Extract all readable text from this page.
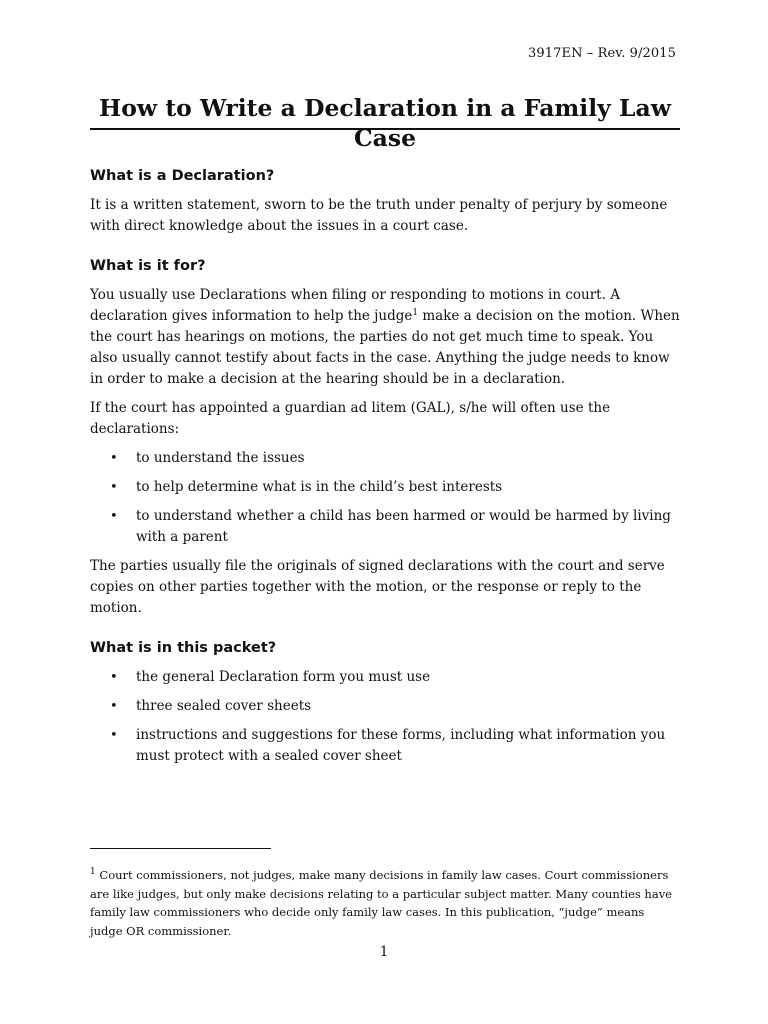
3917EN – Rev. 9/2015
How to Write a Declaration in a Family Law Case
What is a Declaration?

It is a written statement, sworn to be the truth under penalty of perjury by someone with direct knowledge about the issues in a court case.

What is it for?

You usually use Declarations when filing or responding to motions in court. A declaration gives information to help the judge$^1$ make a decision on the motion. When the court has hearings on motions, the parties do not get much time to speak. You also usually cannot testify about facts in the case. Anything the judge needs to know in order to make a decision at the hearing should be in a declaration.

If the court has appointed a guardian ad litem (GAL), s/he will often use the declarations:

• to understand the issues
• to help determine what is in the child’s best interests
• to understand whether a child has been harmed or would be harmed by living with a parent

The parties usually file the originals of signed declarations with the court and serve copies on other parties together with the motion, or the response or reply to the motion.

What is in this packet?
• the general Declaration form you must use
• three sealed cover sheets
• instructions and suggestions for these forms, including what information you must protect with a sealed cover sheet

$^1$ Court commissioners, not judges, make many decisions in family law cases. Court commissioners are like judges, but only make decisions relating to a particular subject matter. Many counties have family law commissioners who decide only family law cases. In this publication, “judge” means judge OR commissioner.

1
